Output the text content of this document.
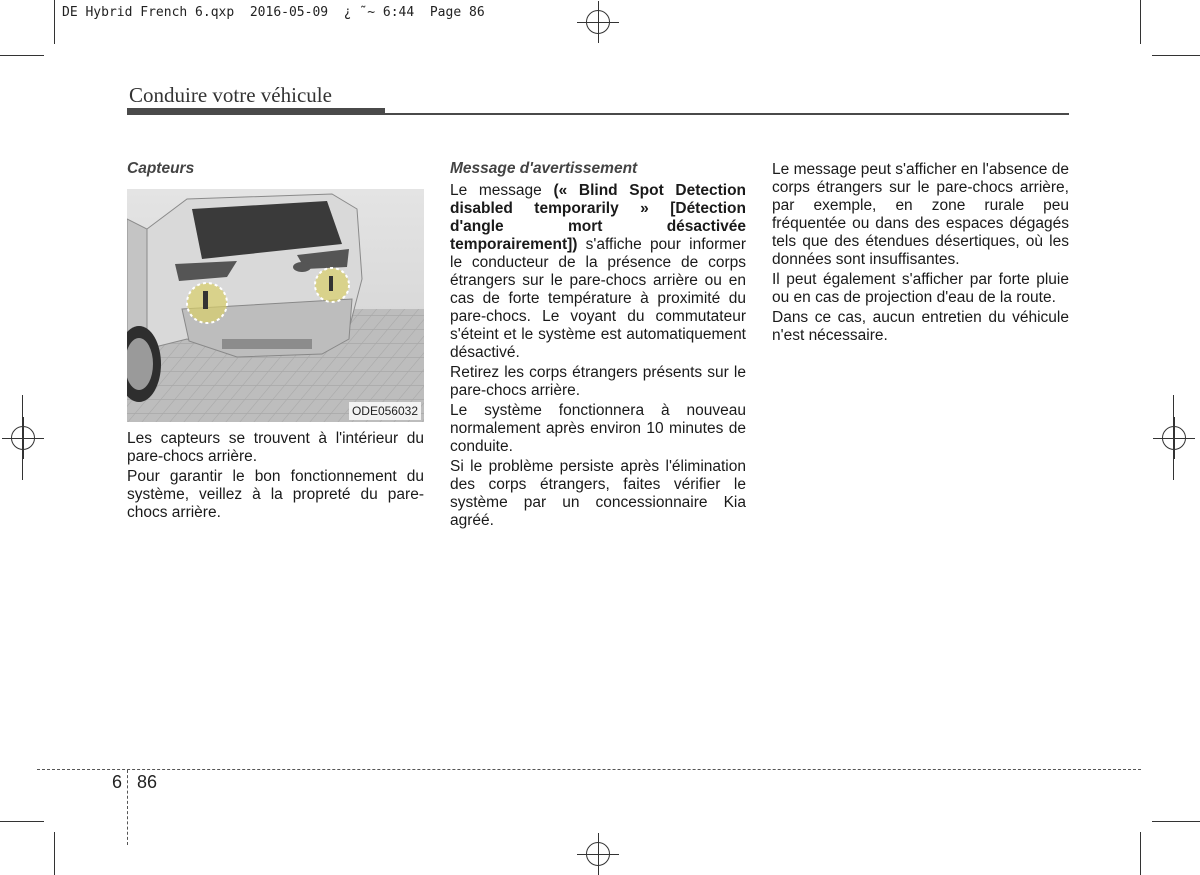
DE Hybrid French 6.qxp  2016-05-09  ¿ ˜~ 6:44  Page 86
Conduire votre véhicule

Capteurs

ODE056032

Les capteurs se trouvent à l'intérieur du pare-chocs arrière.

Pour garantir le bon fonctionnement du système, veillez à la propreté du pare-chocs arrière.

Message d'avertissement

Le message (« Blind Spot Detection disabled temporarily » [Détection d'angle mort désactivée temporairement]) s'affiche pour informer le conducteur de la présence de corps étrangers sur le pare-chocs arrière ou en cas de forte température à proximité du pare-chocs. Le voyant du commutateur s'éteint et le système est automatiquement désactivé.

Retirez les corps étrangers présents sur le pare-chocs arrière.

Le système fonctionnera à nouveau normalement après environ 10 minutes de conduite.

Si le problème persiste après l'élimination des corps étrangers, faites vérifier le système par un concessionnaire Kia agréé.

Le message peut s'afficher en l'absence de corps étrangers sur le pare-chocs arrière, par exemple, en zone rurale peu fréquentée ou dans des espaces dégagés tels que des étendues désertiques, où les données sont insuffisantes.

Il peut également s'afficher par forte pluie ou en cas de projection d'eau de la route.

Dans ce cas, aucun entretien du véhicule n'est nécessaire.

6 86
